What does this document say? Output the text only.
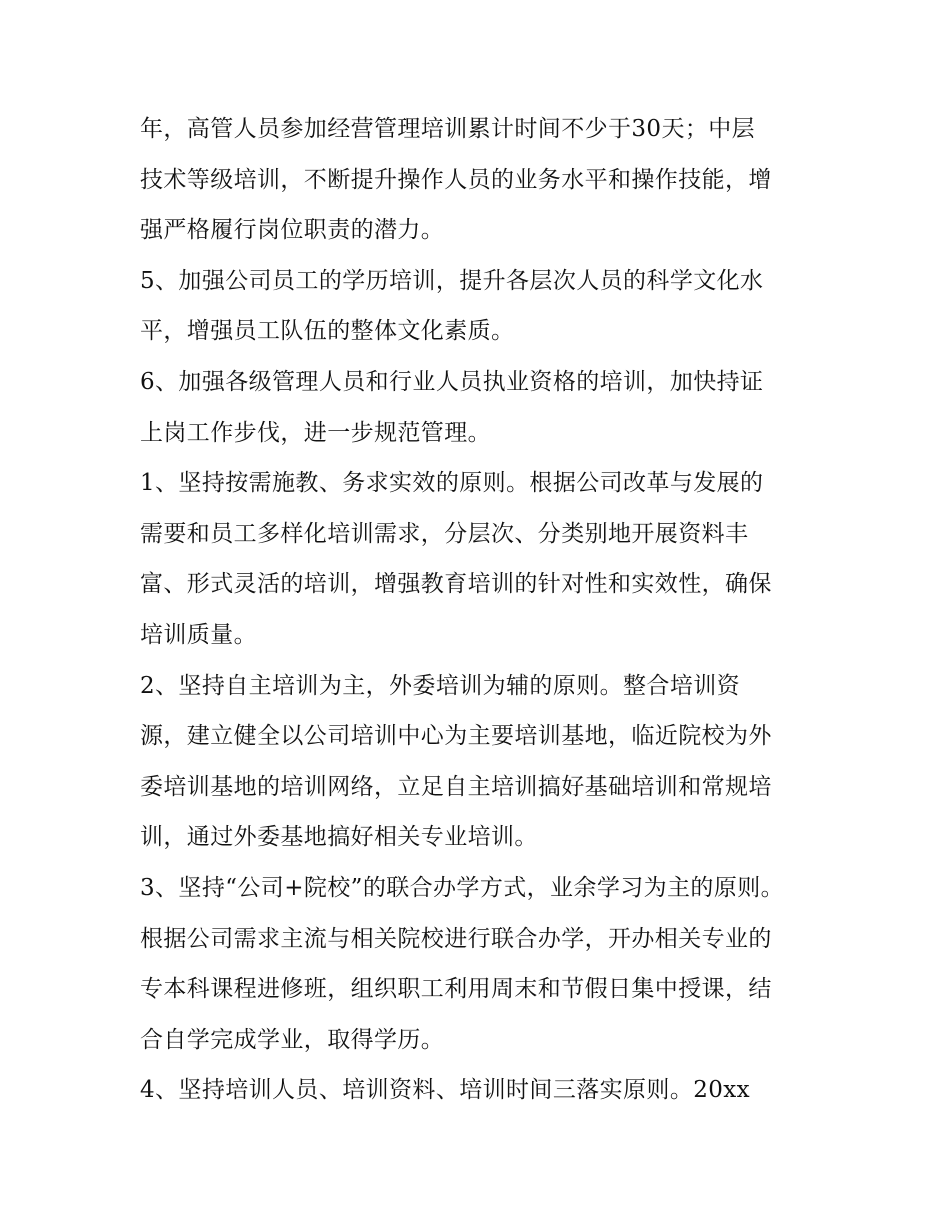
年，高管人员参加经营管理培训累计时间不少于30天；中层
技术等级培训，不断提升操作人员的业务水平和操作技能，增
强严格履行岗位职责的潜力。
5、加强公司员工的学历培训，提升各层次人员的科学文化水
平，增强员工队伍的整体文化素质。
6、加强各级管理人员和行业人员执业资格的培训，加快持证
上岗工作步伐，进一步规范管理。
1、坚持按需施教、务求实效的原则。根据公司改革与发展的
需要和员工多样化培训需求，分层次、分类别地开展资料丰
富、形式灵活的培训，增强教育培训的针对性和实效性，确保
培训质量。
2、坚持自主培训为主，外委培训为辅的原则。整合培训资
源，建立健全以公司培训中心为主要培训基地，临近院校为外
委培训基地的培训网络，立足自主培训搞好基础培训和常规培
训，通过外委基地搞好相关专业培训。
3、坚持“公司+院校”的联合办学方式，业余学习为主的原则。
根据公司需求主流与相关院校进行联合办学，开办相关专业的
专本科课程进修班，组织职工利用周末和节假日集中授课，结
合自学完成学业，取得学历。
4、坚持培训人员、培训资料、培训时间三落实原则。20xx
